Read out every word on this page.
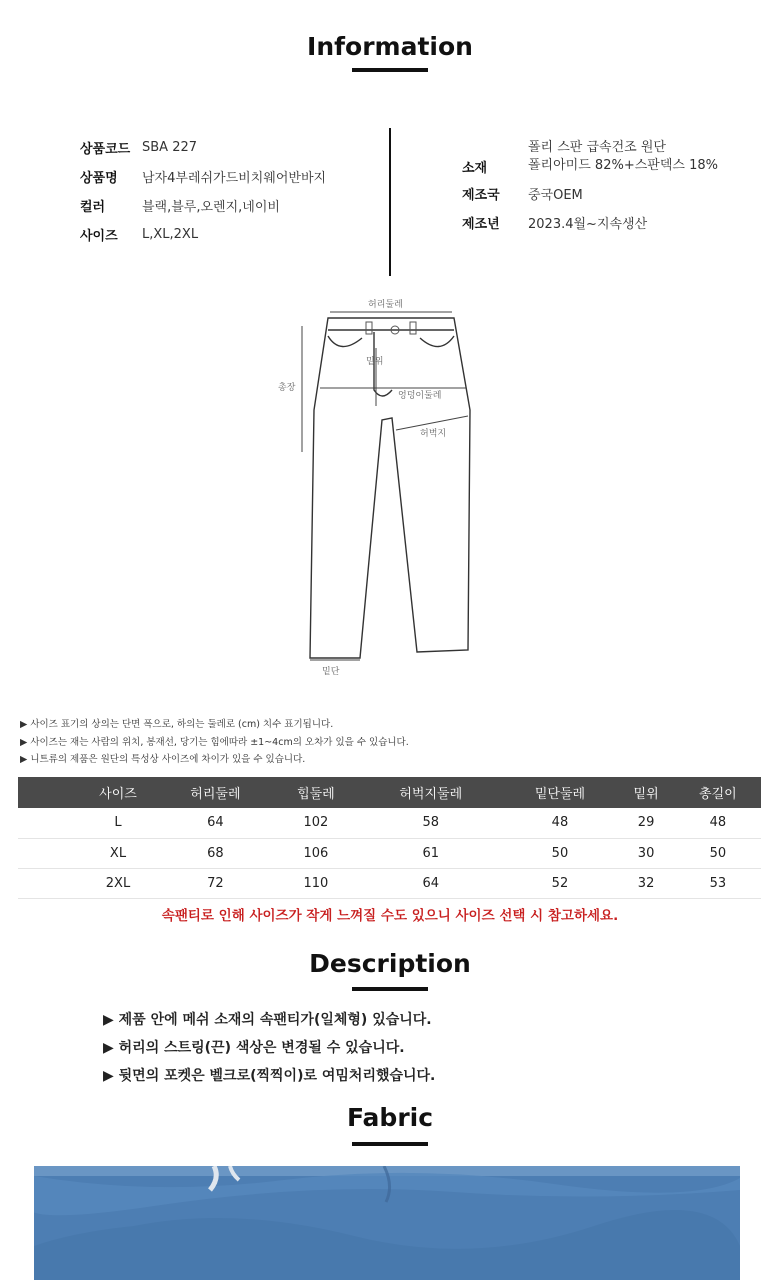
Information
상품코드 SBA 227
상품명	남자4부레쉬가드비치웨어반바지
컬러	블랙,블루,오렌지,네이비
사이즈	L,XL,2XL
소재
폴리 스판 급속건조 원단
폴리아미드 82%+스판덱스 18%
제조국	중국OEM
제조년	2023.4월~지속생산
허리둘레
밑위
총장
엉덩이둘레
허벅지
밑단
▶ 사이즈 표기의 상의는 단면 폭으로, 하의는 둘레로 (cm) 치수 표기됩니다.
▶ 사이즈는 재는 사람의 위치, 봉재선, 당기는 힘에따라 ±1~4cm의 오차가 있을 수 있습니다.
▶ 니트류의 제품은 원단의 특성상 사이즈에 차이가 있을 수 있습니다.
사이즈	허리둘레	힙둘레	허벅지둘레	밑단둘레	밑위	총길이
L	64	102	58	48	29	48
XL	68	106	61	50	30	50
2XL	72	110	64	52	32	53
속팬티로 인해 사이즈가 작게 느껴질 수도 있으니 사이즈 선택 시 참고하세요.
Description
▶ 제품 안에 메쉬 소재의 속팬티가(일체형) 있습니다.
▶ 허리의 스트링(끈) 색상은 변경될 수 있습니다.
▶ 뒷면의 포켓은 벨크로(찍찍이)로 여밈처리했습니다.
Fabric
